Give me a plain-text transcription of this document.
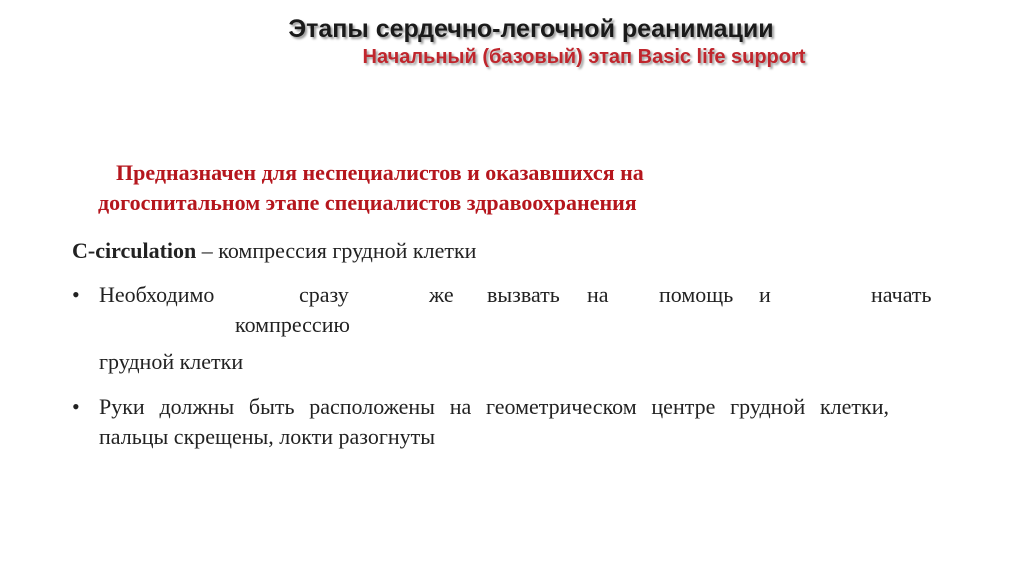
Этапы сердечно-легочной реанимации
Начальный (базовый) этап Basic life support
Предназначен для неспециалистов и оказавшихся на
догоспитальном этапе специалистов здравоохранения
C-circulation – компрессия грудной клетки
• Необходимо	сразу	же вызвать на помощь и	начать
компрессию
грудной клетки
• Руки должны быть расположены на геометрическом центре грудной клетки, пальцы скрещены, локти разогнуты
